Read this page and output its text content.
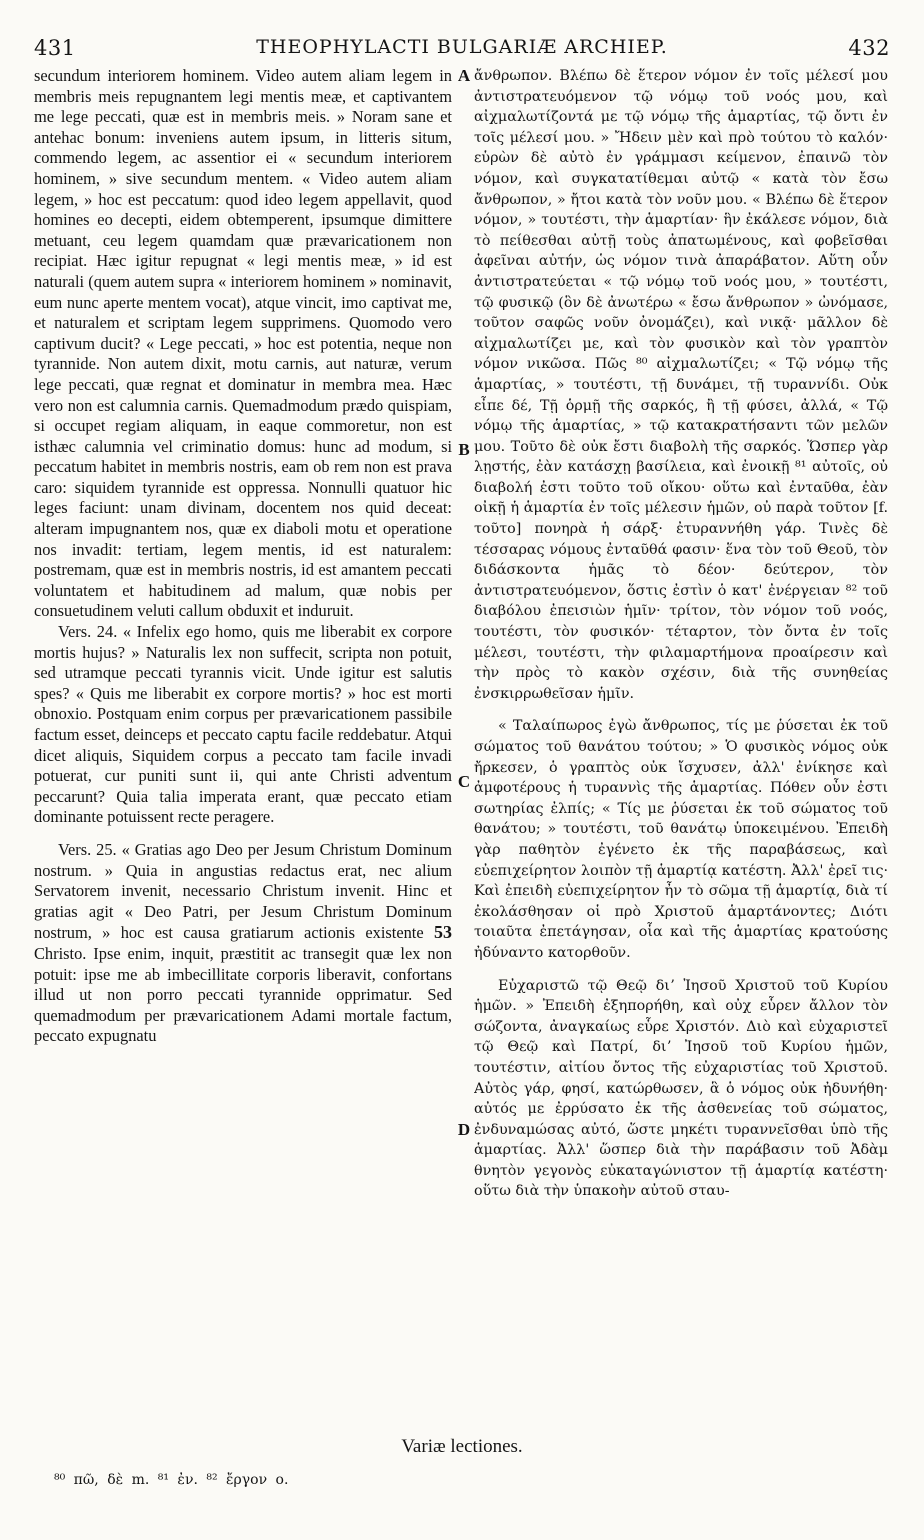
431	THEOPHYLACTI BULGARIÆ ARCHIEP.	432

secundum interiorem hominem. Video autem aliam legem in membris meis repugnantem legi mentis meæ, et captivantem me lege peccati, quæ est in membris meis. » Noram sane et antehac bonum: inveniens autem ipsum, in litteris situm, commendo legem, ac assentior ei « secundum interiorem hominem, » sive secundum mentem. « Video autem aliam legem, » hoc est peccatum: quod ideo legem appellavit, quod homines eo decepti, eidem obtemperent, ipsumque dimittere metuant, ceu legem quamdam quæ prævaricationem non recipiat. Hæc igitur repugnat « legi mentis meæ, » id est naturali (quem autem supra « interiorem hominem » nominavit, eum nunc aperte mentem vocat), atque vincit, imo captivat me, et naturalem et scriptam legem supprimens. Quomodo vero captivum ducit? « Lege peccati, » hoc est potentia, neque non tyrannide. Non autem dixit, motu carnis, aut naturæ, verum lege peccati, quæ regnat et dominatur in membra mea. Hæc vero non est calumnia carnis. Quemadmodum prædo quispiam, si occupet regiam aliquam, in eaque commoretur, non est isthæc calumnia vel criminatio domus: hunc ad modum, si peccatum habitet in membris nostris, eam ob rem non est prava caro: siquidem tyrannide est oppressa. Nonnulli quatuor hic leges faciunt: unam divinam, docentem nos quid deceat: alteram impugnantem nos, quæ ex diaboli motu et operatione nos invadit: tertiam, legem mentis, id est naturalem: postremam, quæ est in membris nostris, id est amantem peccati voluntatem et habitudinem ad malum, quæ nobis per consuetudinem veluti callum obduxit et induruit.

Vers. 24. « Infelix ego homo, quis me liberabit ex corpore mortis hujus? » Naturalis lex non suffecit, scripta non potuit, sed utramque peccati tyrannis vicit. Unde igitur est salutis spes? « Quis me liberabit ex corpore mortis? » hoc est morti obnoxio. Postquam enim corpus per prævaricationem passibile factum esset, deinceps et peccato captu facile reddebatur. Atqui dicet aliquis, Siquidem corpus a peccato tam facile invadi potuerat, cur puniti sunt ii, qui ante Christi adventum peccarunt? Quia talia imperata erant, quæ peccato etiam dominante potuissent recte peragere.

Vers. 25. « Gratias ago Deo per Jesum Christum Dominum nostrum. » Quia in angustias redactus erat, nec alium Servatorem invenit, necessario Christum invenit. Hinc et gratias agit « Deo Patri, per Jesum Christum Dominum nostrum, » hoc est causa gratiarum actionis existente 53 Christo. Ipse enim, inquit, præstitit ac transegit quæ lex non potuit: ipse me ab imbecillitate corporis liberavit, confortans illud ut non porro peccati tyrannide opprimatur. Sed quemadmodum per prævaricationem Adami mortale factum, peccato expugnatu

A
B
C
D

ἄνθρωπον. Βλέπω δὲ ἕτερον νόμον ἐν τοῖς μέλεσί μου ἀντιστρατευόμενον τῷ νόμῳ τοῦ νοός μου, καὶ αἰχμαλωτίζοντά με τῷ νόμῳ τῆς ἁμαρτίας, τῷ ὄντι ἐν τοῖς μέλεσί μου. » Ἤδειν μὲν καὶ πρὸ τούτου τὸ καλόν· εὑρὼν δὲ αὐτὸ ἐν γράμμασι κείμενον, ἐπαινῶ τὸν νόμον, καὶ συγκατατίθεμαι αὐτῷ « κατὰ τὸν ἔσω ἄνθρωπον, » ἤτοι κατὰ τὸν νοῦν μου. « Βλέπω δὲ ἕτερον νόμον, » τουτέστι, τὴν ἁμαρτίαν· ἣν ἐκάλεσε νόμον, διὰ τὸ πείθεσθαι αὐτῇ τοὺς ἀπατωμένους, καὶ φοβεῖσθαι ἀφεῖναι αὐτήν, ὡς νόμον τινὰ ἀπαράβατον. Αὕτη οὖν ἀντιστρατεύεται « τῷ νόμῳ τοῦ νοός μου, » τουτέστι, τῷ φυσικῷ (ὃν δὲ ἀνωτέρω « ἔσω ἄνθρωπον » ὠνόμασε, τοῦτον σαφῶς νοῦν ὀνομάζει), καὶ νικᾷ· μᾶλλον δὲ αἰχμαλωτίζει με, καὶ τὸν φυσικὸν καὶ τὸν γραπτὸν νόμον νικῶσα. Πῶς ⁸⁰ αἰχμαλωτίζει; « Τῷ νόμῳ τῆς ἁμαρτίας, » τουτέστι, τῇ δυνάμει, τῇ τυραννίδι. Οὐκ εἶπε δέ, Τῇ ὁρμῇ τῆς σαρκός, ἢ τῇ φύσει, ἀλλά, « Τῷ νόμῳ τῆς ἁμαρτίας, » τῷ κατακρατήσαντι τῶν μελῶν μου. Τοῦτο δὲ οὐκ ἔστι διαβολὴ τῆς σαρκός. Ὥσπερ γὰρ λῃστής, ἐὰν κατάσχῃ βασίλεια, καὶ ἐνοικῇ ⁸¹ αὐτοῖς, οὐ διαβολή ἐστι τοῦτο τοῦ οἴκου· οὕτω καὶ ἐνταῦθα, ἐὰν οἰκῇ ἡ ἁμαρτία ἐν τοῖς μέλεσιν ἡμῶν, οὐ παρὰ τοῦτον [f. τοῦτο] πονηρὰ ἡ σάρξ· ἐτυραννήθη γάρ. Τινὲς δὲ τέσσαρας νόμους ἐνταῦθά φασιν· ἕνα τὸν τοῦ Θεοῦ, τὸν διδάσκοντα ἡμᾶς τὸ δέον· δεύτερον, τὸν ἀντιστρατευόμενον, ὅστις ἐστὶν ὁ κατ' ἐνέργειαν ⁸² τοῦ διαβόλου ἐπεισιὼν ἡμῖν· τρίτον, τὸν νόμον τοῦ νοός, τουτέστι, τὸν φυσικόν· τέταρτον, τὸν ὄντα ἐν τοῖς μέλεσι, τουτέστι, τὴν φιλαμαρτήμονα προαίρεσιν καὶ τὴν πρὸς τὸ κακὸν σχέσιν, διὰ τῆς συνηθείας ἐνσκιρρωθεῖσαν ἡμῖν.

« Ταλαίπωρος ἐγὼ ἄνθρωπος, τίς με ῥύσεται ἐκ τοῦ σώματος τοῦ θανάτου τούτου; » Ὁ φυσικὸς νόμος οὐκ ἤρκεσεν, ὁ γραπτὸς οὐκ ἴσχυσεν, ἀλλ' ἐνίκησε καὶ ἀμφοτέρους ἡ τυραννὶς τῆς ἁμαρτίας. Πόθεν οὖν ἐστι σωτηρίας ἐλπίς; « Τίς με ῥύσεται ἐκ τοῦ σώματος τοῦ θανάτου; » τουτέστι, τοῦ θανάτῳ ὑποκειμένου. Ἐπειδὴ γὰρ παθητὸν ἐγένετο ἐκ τῆς παραβάσεως, καὶ εὐεπιχείρητον λοιπὸν τῇ ἁμαρτίᾳ κατέστη. Ἀλλ' ἐρεῖ τις· Καὶ ἐπειδὴ εὐεπιχείρητον ἦν τὸ σῶμα τῇ ἁμαρτίᾳ, διὰ τί ἐκολάσθησαν οἱ πρὸ Χριστοῦ ἁμαρτάνοντες; Διότι τοιαῦτα ἐπετάγησαν, οἷα καὶ τῆς ἁμαρτίας κρατούσης ἠδύναντο κατορθοῦν.

Εὐχαριστῶ τῷ Θεῷ διʼ Ἰησοῦ Χριστοῦ τοῦ Κυρίου ἡμῶν. » Ἐπειδὴ ἐξηπορήθη, καὶ οὐχ εὗρεν ἄλλον τὸν σώζοντα, ἀναγκαίως εὗρε Χριστόν. Διὸ καὶ εὐχαριστεῖ τῷ Θεῷ καὶ Πατρί, διʼ Ἰησοῦ τοῦ Κυρίου ἡμῶν, τουτέστιν, αἰτίου ὄντος τῆς εὐχαριστίας τοῦ Χριστοῦ. Αὐτὸς γάρ, φησί, κατώρθωσεν, ἃ ὁ νόμος οὐκ ἠδυνήθη· αὐτός με ἐρρύσατο ἐκ τῆς ἀσθενείας τοῦ σώματος, ἐνδυναμώσας αὐτό, ὥστε μηκέτι τυραννεῖσθαι ὑπὸ τῆς ἁμαρτίας. Ἀλλ' ὥσπερ διὰ τὴν παράβασιν τοῦ Ἀδὰμ θνητὸν γεγονὸς εὐκαταγώνιστον τῇ ἁμαρτίᾳ κατέστη· οὕτω διὰ τὴν ὑπακοὴν αὐτοῦ σταυ-

Variæ lectiones.
⁸⁰ πῶ, δὲ m. ⁸¹ ἐν. ⁸² ἔργον ο.
